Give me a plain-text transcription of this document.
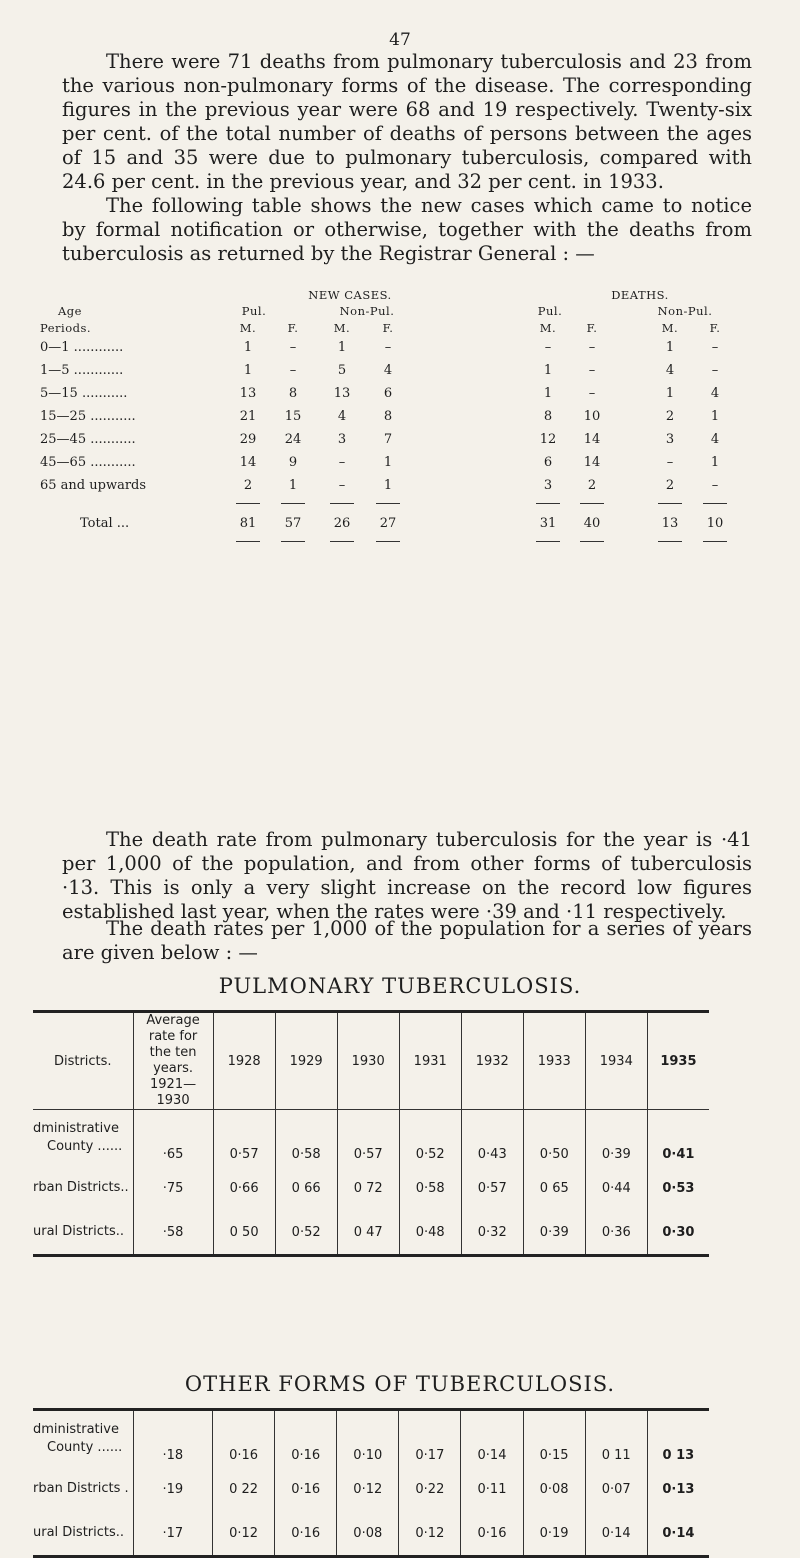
47

There were 71 deaths from pulmonary tuberculosis and 23 from the various non-pulmonary forms of the disease. The corresponding figures in the previous year were 68 and 19 respectively. Twenty-six per cent. of the total number of deaths of persons between the ages of 15 and 35 were due to pulmonary tuberculosis, compared with 24.6 per cent. in the previous year, and 32 per cent. in 1933.

The following table shows the new cases which came to notice by formal notification or otherwise, together with the deaths from tuberculosis as returned by the Registrar General : —

NEW CASES.	DEATHS.
Age	Pul.	Non-Pul.	Pul.	Non-Pul.
Periods.	M.	F.	M.	F.	M.	F.	M.	F.
0—1 ............	1	–	1	–	–	–	1	–
1—5 ............	1	–	5	4	1	–	4	–
5—15 ...........	13	8	13	6	1	–	1	4
15—25 ...........	21	15	4	8	8	10	2	1
25—45 ...........	29	24	3	7	12	14	3	4
45—65 ...........	14	9	–	1	6	14	–	1
65 and upwards	2	1	–	1	3	2	2	–
Total ...	81	57	26	27	31	40	13	10

The death rate from pulmonary tuberculosis for the year is ·41 per 1,000 of the population, and from other forms of tuberculosis ·13. This is only a very slight increase on the record low figures established last year, when the rates were ·39 and ·11 respectively.

The death rates per 1,000 of the population for a series of years are given below : —

PULMONARY TUBERCULOSIS.
Districts.	Average
rate for
the ten
years.
1921—1930	1928	1929	1930	1931	1932	1933	1934	1935

dministrative
County ......	·65	0·57	0·58	0·57	0·52	0·43	0·50	0·39	0·41

rban Districts..	·75	0·66	0 66	0 72	0·58	0·57	0 65	0·44	0·53

ural Districts..	·58	0 50	0·52	0 47	0·48	0·32	0·39	0·36	0·30
OTHER FORMS OF TUBERCULOSIS.
dministrative
County ......	·18	0·16	0·16	0·10	0·17	0·14	0·15	0 11	0 13

rban Districts .	·19	0 22	0·16	0·12	0·22	0·11	0·08	0·07	0·13

ural Districts..	·17	0·12	0·16	0·08	0·12	0·16	0·19	0·14	0·14
